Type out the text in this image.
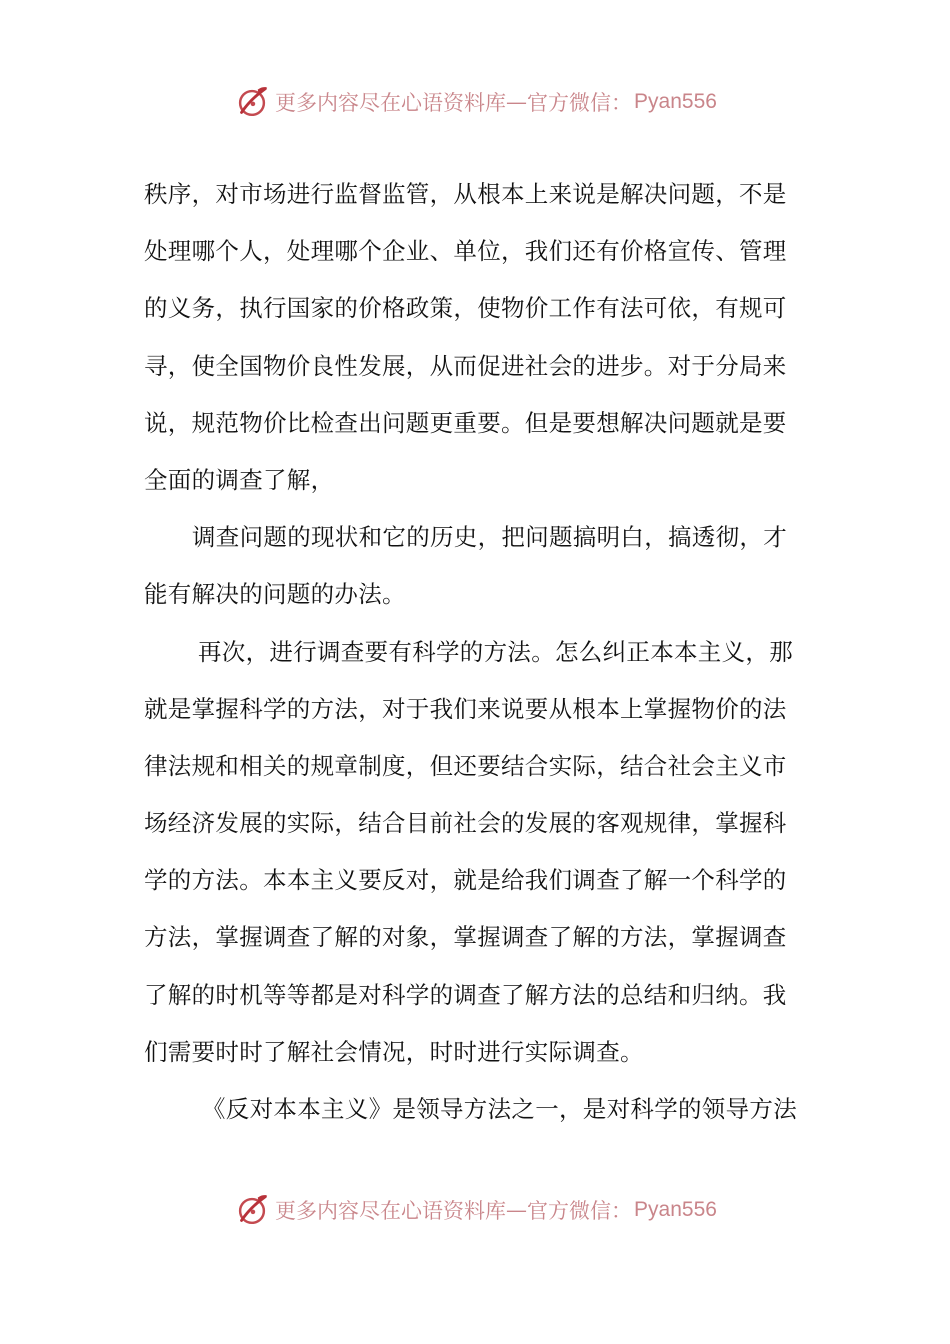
更多内容尽在心语资料库 — 官方微信： Pyan556
秩序，对市场进行监督监管，从根本上来说是解决问题，不是
处理哪个人，处理哪个企业、单位，我们还有价格宣传、管理
的义务，执行国家的价格政策，使物价工作有法可依，有规可
寻，使全国物价良性发展，从而促进社会的进步。对于分局来
说，规范物价比检查出问题更重要。但是要想解决问题就是要
全面的调查了解，
调查问题的现状和它的历史，把问题搞明白，搞透彻，才
能有解决的问题的办法。
再次，进行调查要有科学的方法。怎么纠正本本主义，那
就是掌握科学的方法，对于我们来说要从根本上掌握物价的法
律法规和相关的规章制度，但还要结合实际，结合社会主义市
场经济发展的实际，结合目前社会的发展的客观规律，掌握科
学的方法。本本主义要反对，就是给我们调查了解一个科学的
方法，掌握调查了解的对象，掌握调查了解的方法，掌握调查
了解的时机等等都是对科学的调查了解方法的总结和归纳。我
们需要时时了解社会情况，时时进行实际调查。
《反对本本主义》是领导方法之一，是对科学的领导方法
更多内容尽在心语资料库 — 官方微信： Pyan556
